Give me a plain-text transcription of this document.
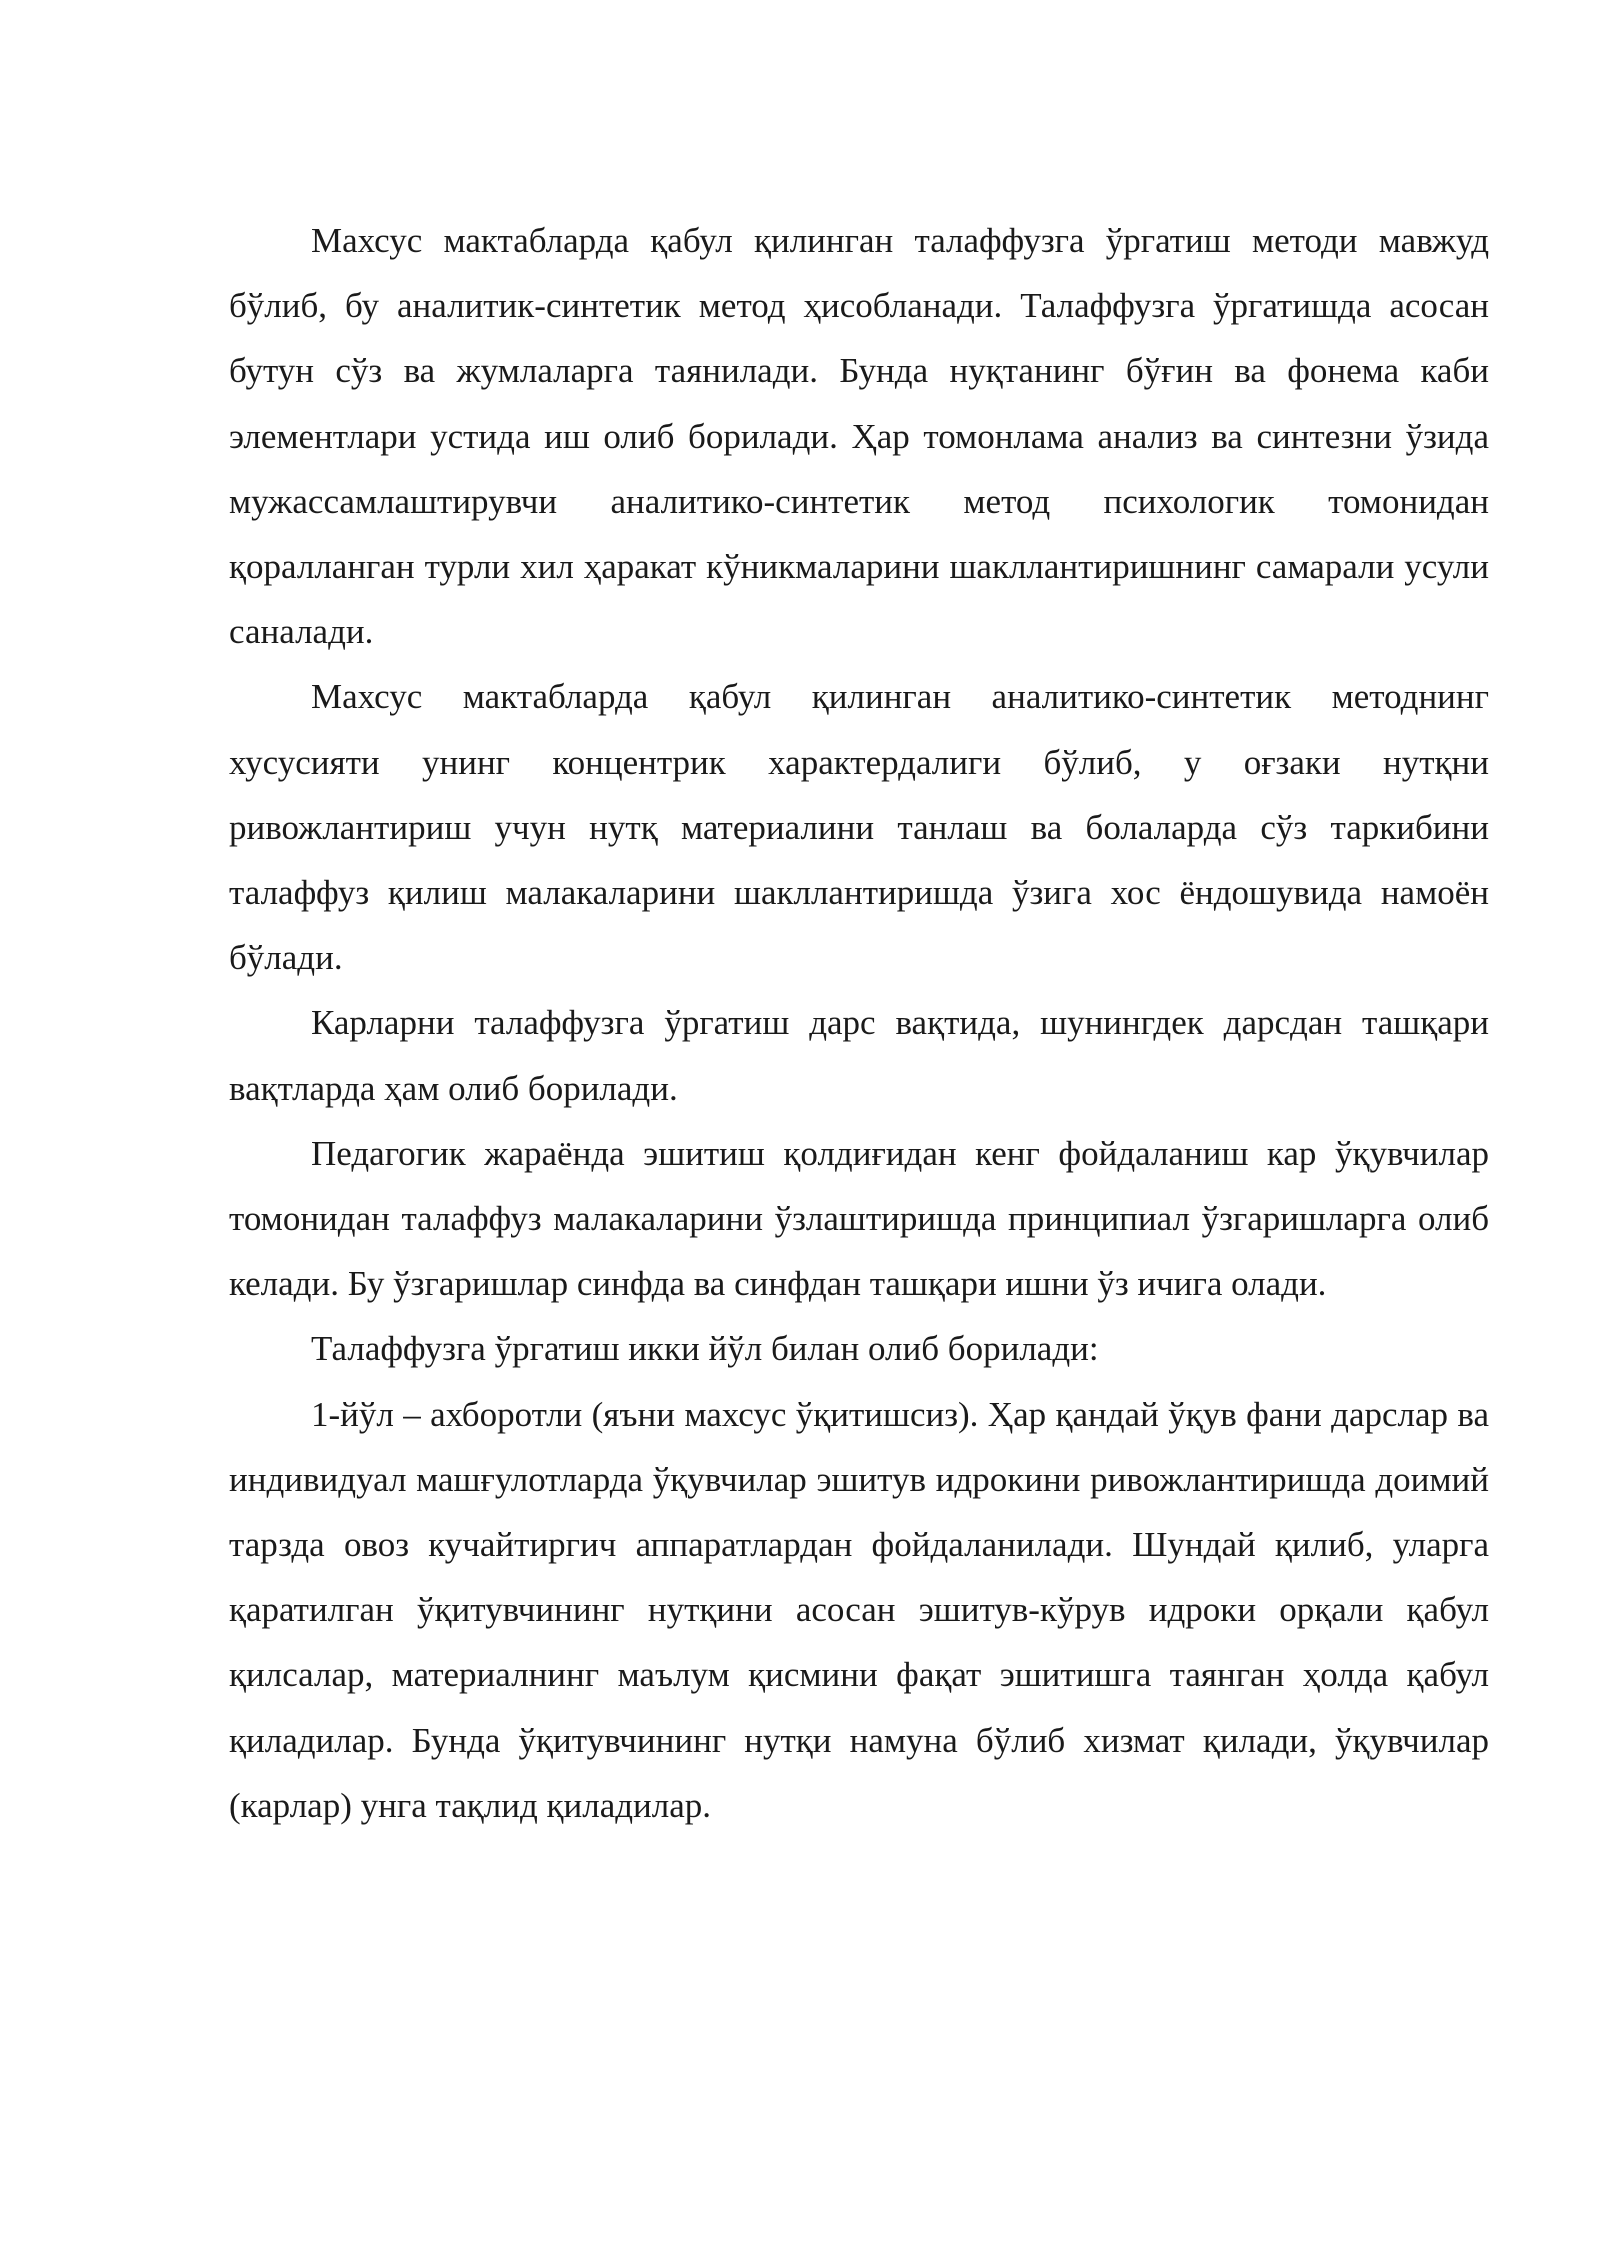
Махсус мактабларда қабул қилинган талаффузга ўргатиш методи мавжуд бўлиб, бу аналитик-синтетик метод ҳисобланади. Талаффузга ўргатишда асосан бутун сўз ва жумлаларга таянилади. Бунда нуқтанинг бўғин ва фонема каби элементлари устида иш олиб борилади. Ҳар томонлама анализ ва синтезни ўзида мужассамлаштирувчи аналитико-синтетик метод психологик томонидан қоралланган турли хил ҳаракат кўникмаларини шакллантиришнинг самарали усули саналади.

Махсус мактабларда қабул қилинган аналитико-синтетик методнинг хусусияти унинг концентрик характердалиги бўлиб, у оғзаки нутқни ривожлантириш учун нутқ материалини танлаш ва болаларда сўз таркибини талаффуз қилиш малакаларини шакллантиришда ўзига хос ёндошувида намоён бўлади.

Карларни талаффузга ўргатиш дарс вақтида, шунингдек дарсдан ташқари вақтларда ҳам олиб борилади.

Педагогик жараёнда эшитиш қолдиғидан кенг фойдаланиш кар ўқувчилар томонидан талаффуз малакаларини ўзлаштиришда принципиал ўзгаришларга олиб келади. Бу ўзгаришлар синфда ва синфдан ташқари ишни ўз ичига олади.

Талаффузга ўргатиш икки йўл билан олиб борилади:

1-йўл – ахборотли (яъни махсус ўқитишсиз). Ҳар қандай ўқув фани дарслар ва индивидуал машғулотларда ўқувчилар эшитув идрокини ривожлантиришда доимий тарзда овоз кучайтиргич аппаратлардан фойдаланилади. Шундай қилиб, уларга қаратилган ўқитувчининг нутқини асосан эшитув-кўрув идроки орқали қабул қилсалар, материалнинг маълум қисмини фақат эшитишга таянган ҳолда қабул қиладилар. Бунда ўқитувчининг нутқи намуна бўлиб хизмат қилади, ўқувчилар (карлар) унга тақлид қиладилар.
